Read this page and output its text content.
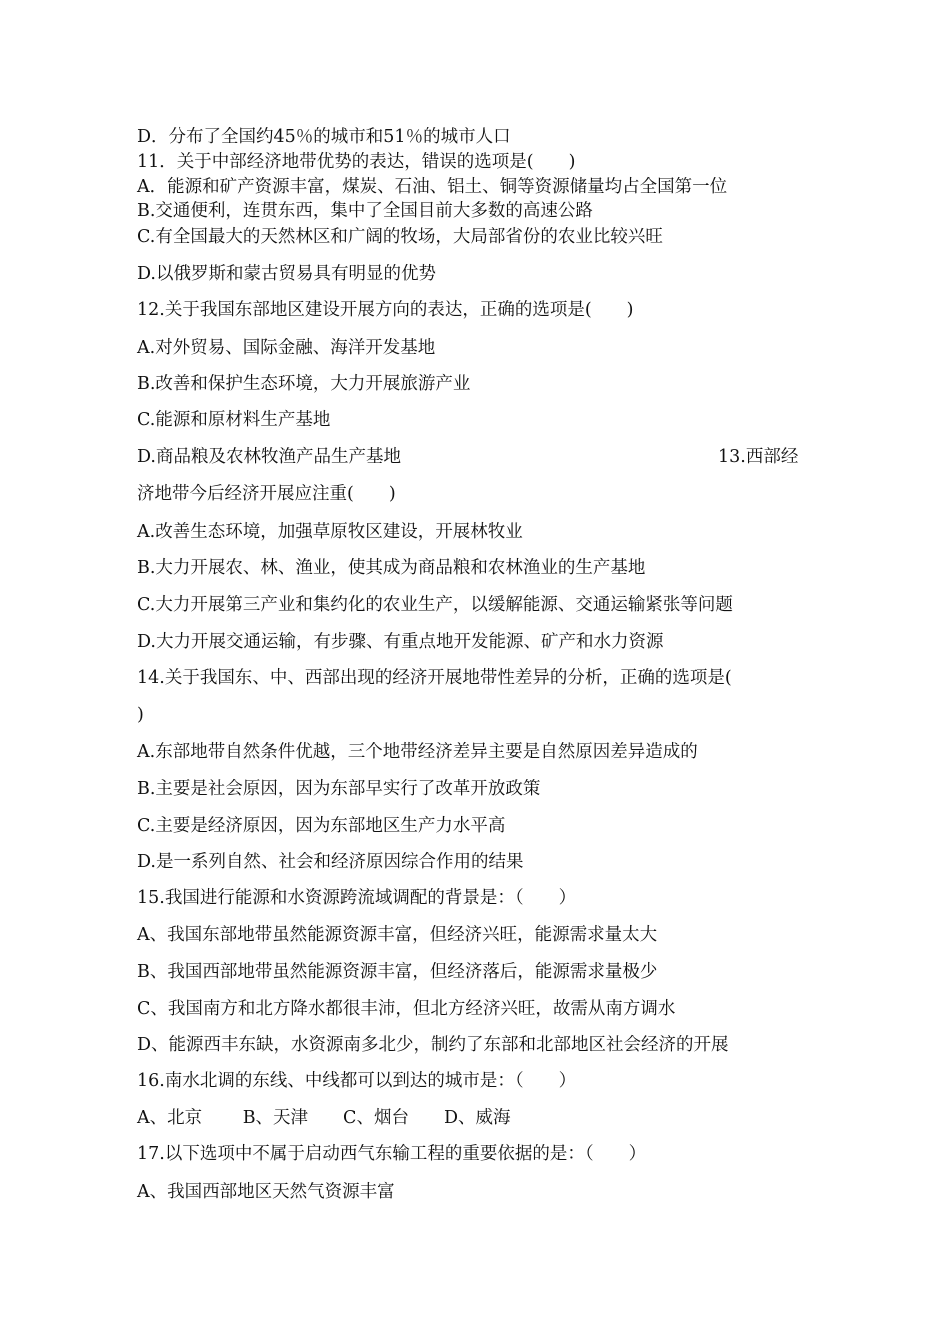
D．分布了全国约45％的城市和51％的城市人口
11．关于中部经济地带优势的表达，错误的选项是(　　)
A．能源和矿产资源丰富，煤炭、石油、铝土、铜等资源储量均占全国第一位
B.交通便利，连贯东西，集中了全国目前大多数的高速公路
C.有全国最大的天然林区和广阔的牧场，大局部省份的农业比较兴旺
D.以俄罗斯和蒙古贸易具有明显的优势
12.关于我国东部地区建设开展方向的表达，正确的选项是(　　)
A.对外贸易、国际金融、海洋开发基地
B.改善和保护生态环境，大力开展旅游产业
C.能源和原材料生产基地
D.商品粮及农林牧渔产品生产基地	13.西部经
济地带今后经济开展应注重(　　)
A.改善生态环境，加强草原牧区建设，开展林牧业
B.大力开展农、林、渔业，使其成为商品粮和农林渔业的生产基地
C.大力开展第三产业和集约化的农业生产，以缓解能源、交通运输紧张等问题
D.大力开展交通运输，有步骤、有重点地开发能源、矿产和水力资源
14.关于我国东、中、西部出现的经济开展地带性差异的分析，正确的选项是(
)
A.东部地带自然条件优越，三个地带经济差异主要是自然原因差异造成的
B.主要是社会原因，因为东部早实行了改革开放政策
C.主要是经济原因，因为东部地区生产力水平高
D.是一系列自然、社会和经济原因综合作用的结果
15.我国进行能源和水资源跨流域调配的背景是：（　　）
A、我国东部地带虽然能源资源丰富，但经济兴旺，能源需求量太大
B、我国西部地带虽然能源资源丰富，但经济落后，能源需求量极少
C、我国南方和北方降水都很丰沛，但北方经济兴旺，故需从南方调水
D、能源西丰东缺，水资源南多北少，制约了东部和北部地区社会经济的开展
16.南水北调的东线、中线都可以到达的城市是：（　　）
A、北京　　 B、天津　　C、烟台　　D、威海
17.以下选项中不属于启动西气东输工程的重要依据的是：（　　）
A、我国西部地区天然气资源丰富
